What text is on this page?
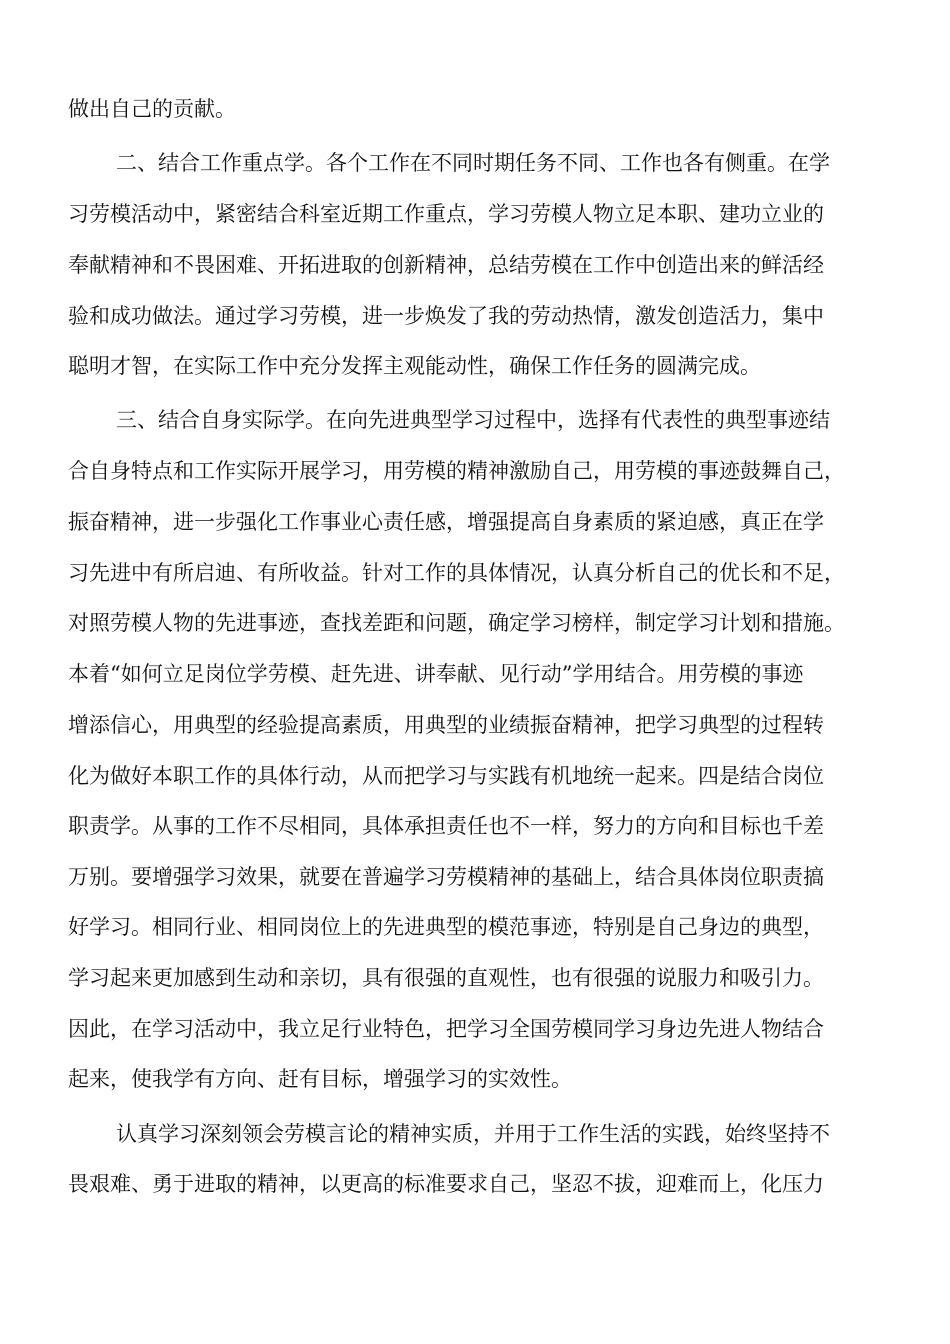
做出自己的贡献。
二、结合工作重点学。各个工作在不同时期任务不同、工作也各有侧重。在学
习劳模活动中，紧密结合科室近期工作重点，学习劳模人物立足本职、建功立业的
奉献精神和不畏困难、开拓进取的创新精神，总结劳模在工作中创造出来的鲜活经
验和成功做法。通过学习劳模，进一步焕发了我的劳动热情，激发创造活力，集中
聪明才智，在实际工作中充分发挥主观能动性，确保工作任务的圆满完成。
三、结合自身实际学。在向先进典型学习过程中，选择有代表性的典型事迹结
合自身特点和工作实际开展学习，用劳模的精神激励自己，用劳模的事迹鼓舞自己，
振奋精神，进一步强化工作事业心责任感，增强提高自身素质的紧迫感，真正在学
习先进中有所启迪、有所收益。针对工作的具体情况，认真分析自己的优长和不足，
对照劳模人物的先进事迹，查找差距和问题，确定学习榜样，制定学习计划和措施。
本着“如何立足岗位学劳模、赶先进、讲奉献、见行动”学用结合。用劳模的事迹
增添信心，用典型的经验提高素质，用典型的业绩振奋精神，把学习典型的过程转
化为做好本职工作的具体行动，从而把学习与实践有机地统一起来。四是结合岗位
职责学。从事的工作不尽相同，具体承担责任也不一样，努力的方向和目标也千差
万别。要增强学习效果，就要在普遍学习劳模精神的基础上，结合具体岗位职责搞
好学习。相同行业、相同岗位上的先进典型的模范事迹，特别是自己身边的典型，
学习起来更加感到生动和亲切，具有很强的直观性，也有很强的说服力和吸引力。
因此，在学习活动中，我立足行业特色，把学习全国劳模同学习身边先进人物结合
起来，使我学有方向、赶有目标，增强学习的实效性。
认真学习深刻领会劳模言论的精神实质，并用于工作生活的实践，始终坚持不
畏艰难、勇于进取的精神，以更高的标准要求自己，坚忍不拔，迎难而上，化压力
